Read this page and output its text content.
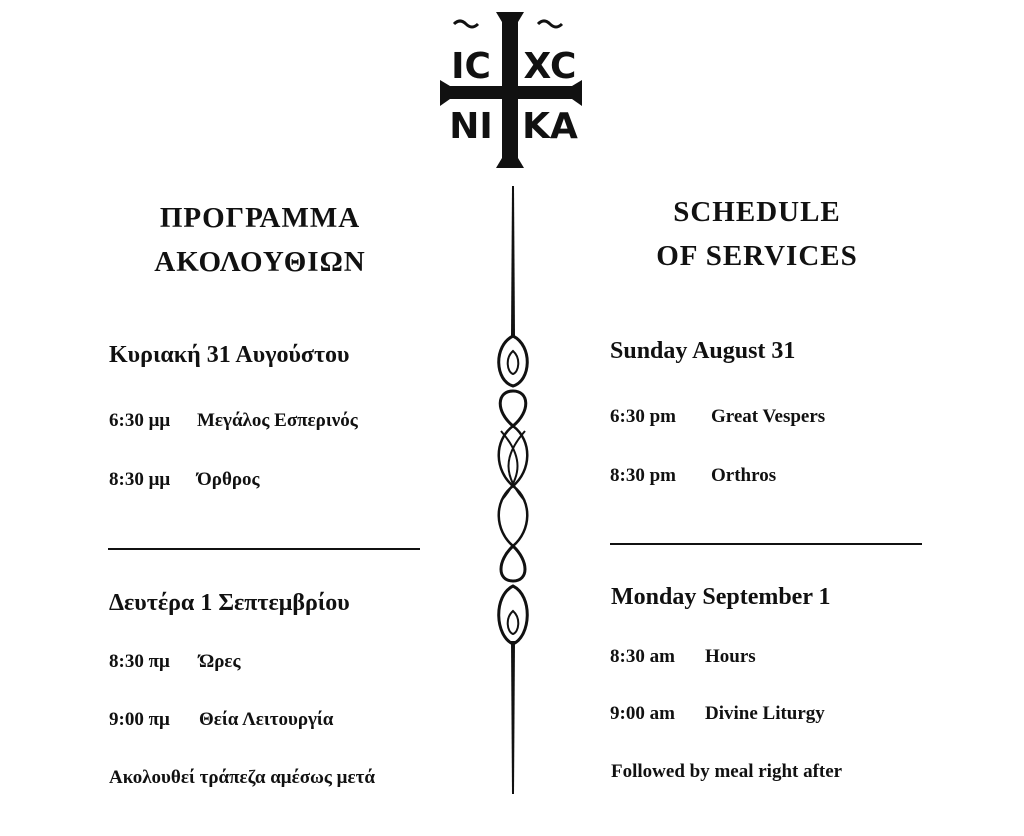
IC XC
NI KA
ΠΡΟΓΡΑΜΜΑ
ΑΚΟΛΟΥΘΙΩΝ
Κυριακή 31 Αυγούστου
6:30 μμ Μεγάλος Εσπερινός
8:30 μμ Όρθρος
Δευτέρα 1 Σεπτεμβρίου
8:30 πμ Ώρες
9:00 πμ Θεία Λειτουργία
Ακολουθεί τράπεζα αμέσως μετά
SCHEDULE
OF SERVICES
Sunday August 31
6:30 pm Great Vespers
8:30 pm Orthros
Monday September 1
8:30 am Hours
9:00 am Divine Liturgy
Followed by meal right after
